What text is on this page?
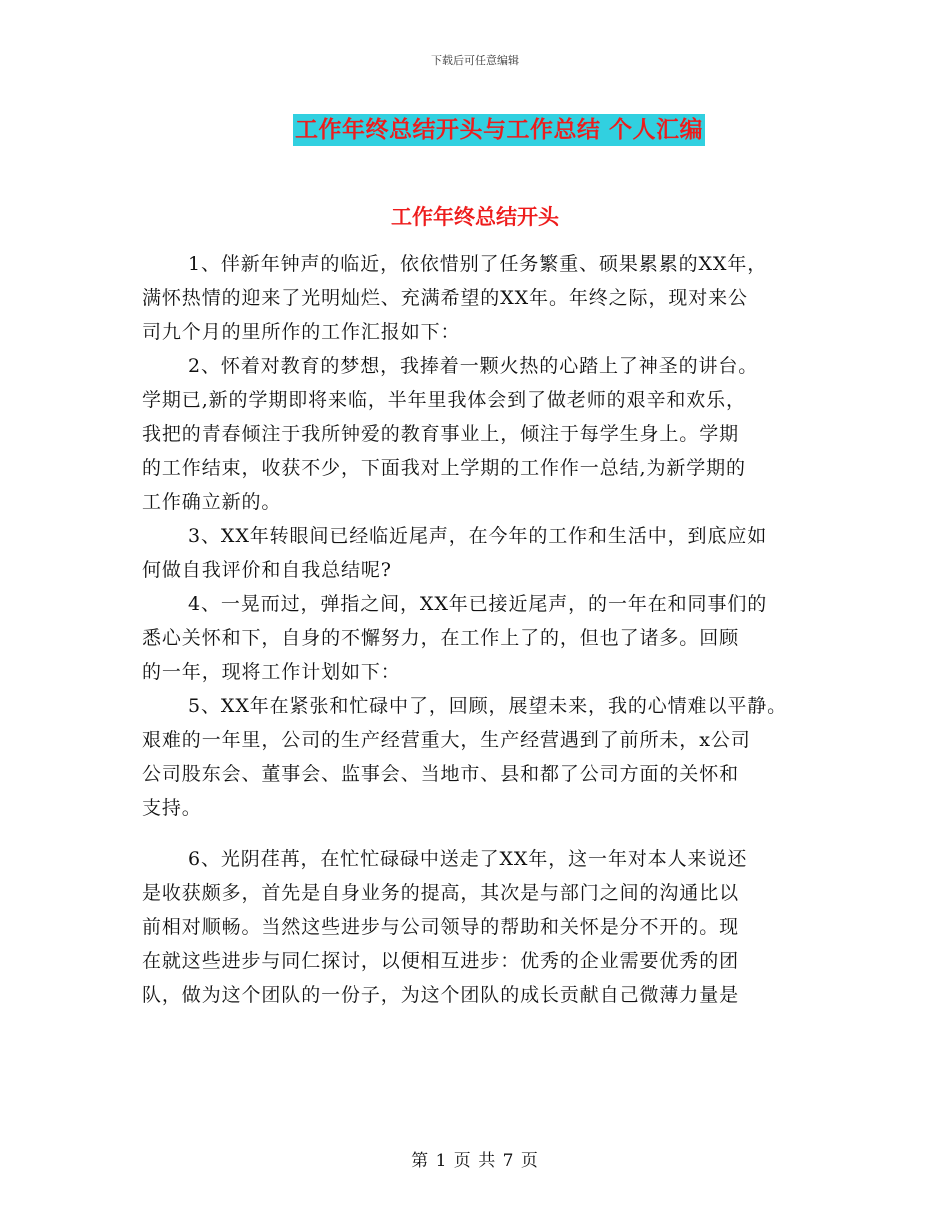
下载后可任意编辑
工作年终总结开头与工作总结 个人汇编
工作年终总结开头
1、伴新年钟声的临近，依依惜别了任务繁重、硕果累累的XX年，
满怀热情的迎来了光明灿烂、充满希望的XX年。年终之际，现对来公
司九个月的里所作的工作汇报如下：
2、怀着对教育的梦想，我捧着一颗火热的心踏上了神圣的讲台。
学期已,新的学期即将来临，半年里我体会到了做老师的艰辛和欢乐，
我把的青春倾注于我所钟爱的教育事业上，倾注于每学生身上。学期
的工作结束，收获不少，下面我对上学期的工作作一总结,为新学期的
工作确立新的。
3、XX年转眼间已经临近尾声，在今年的工作和生活中，到底应如
何做自我评价和自我总结呢?
4、一晃而过，弹指之间，XX年已接近尾声，的一年在和同事们的
悉心关怀和下，自身的不懈努力，在工作上了的，但也了诸多。回顾
的一年，现将工作计划如下：
5、XX年在紧张和忙碌中了，回顾，展望未来，我的心情难以平静。
艰难的一年里，公司的生产经营重大，生产经营遇到了前所未，x公司
公司股东会、董事会、监事会、当地市、县和都了公司方面的关怀和
支持。
6、光阴荏苒，在忙忙碌碌中送走了XX年，这一年对本人来说还
是收获颇多，首先是自身业务的提高，其次是与部门之间的沟通比以
前相对顺畅。当然这些进步与公司领导的帮助和关怀是分不开的。现
在就这些进步与同仁探讨，以便相互进步：优秀的企业需要优秀的团
队，做为这个团队的一份子，为这个团队的成长贡献自己微薄力量是
第 1 页 共 7 页
